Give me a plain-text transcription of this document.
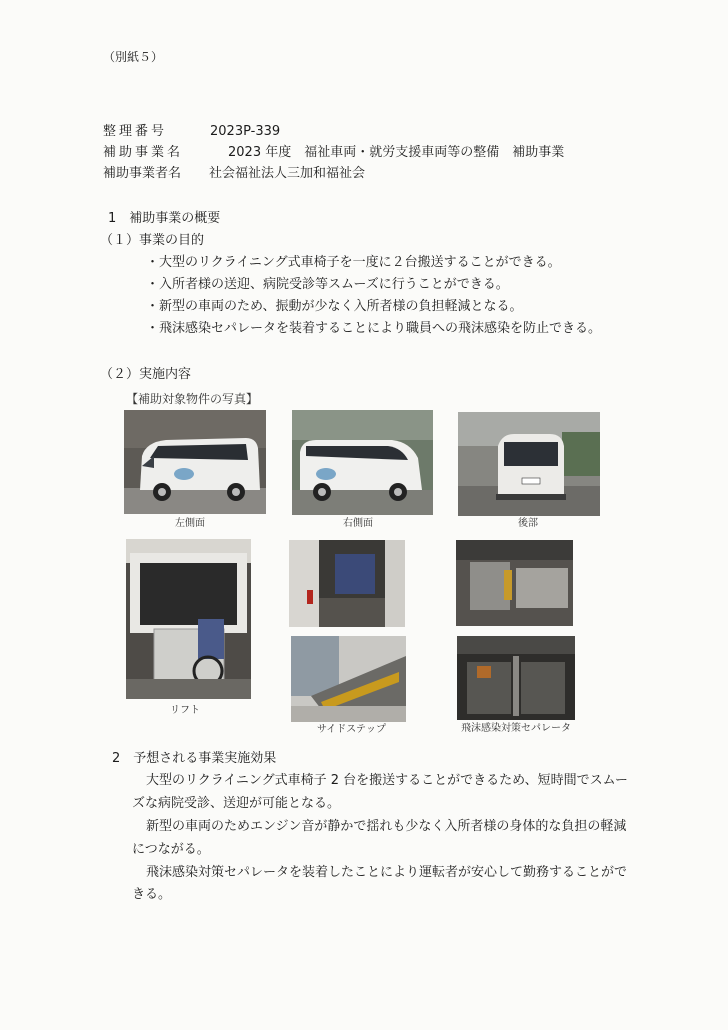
（別紙５）
整理番号	2023P-339
補助事業名	2023 年度　福祉車両・就労支援車両等の整備　補助事業
補助事業者名 社会福祉法人三加和福祉会
1　補助事業の概要
（１）事業の目的
・大型のリクライニング式車椅子を一度に２台搬送することができる。
・入所者様の送迎、病院受診等スムーズに行うことができる。
・新型の車両のため、振動が少なく入所者様の負担軽減となる。
・飛沫感染セパレータを装着することにより職員への飛沫感染を防止できる。
（２）実施内容
【補助対象物件の写真】
左側面	右側面	後部
リフト
サイドステップ	飛沫感染対策セパレータ
2　予想される事業実施効果
大型のリクライニング式車椅子 2 台を搬送することができるため、短時間でスムー
ズな病院受診、送迎が可能となる。
新型の車両のためエンジン音が静かで揺れも少なく入所者様の身体的な負担の軽減
につながる。
飛沫感染対策セパレータを装着したことにより運転者が安心して勤務することがで
きる。
